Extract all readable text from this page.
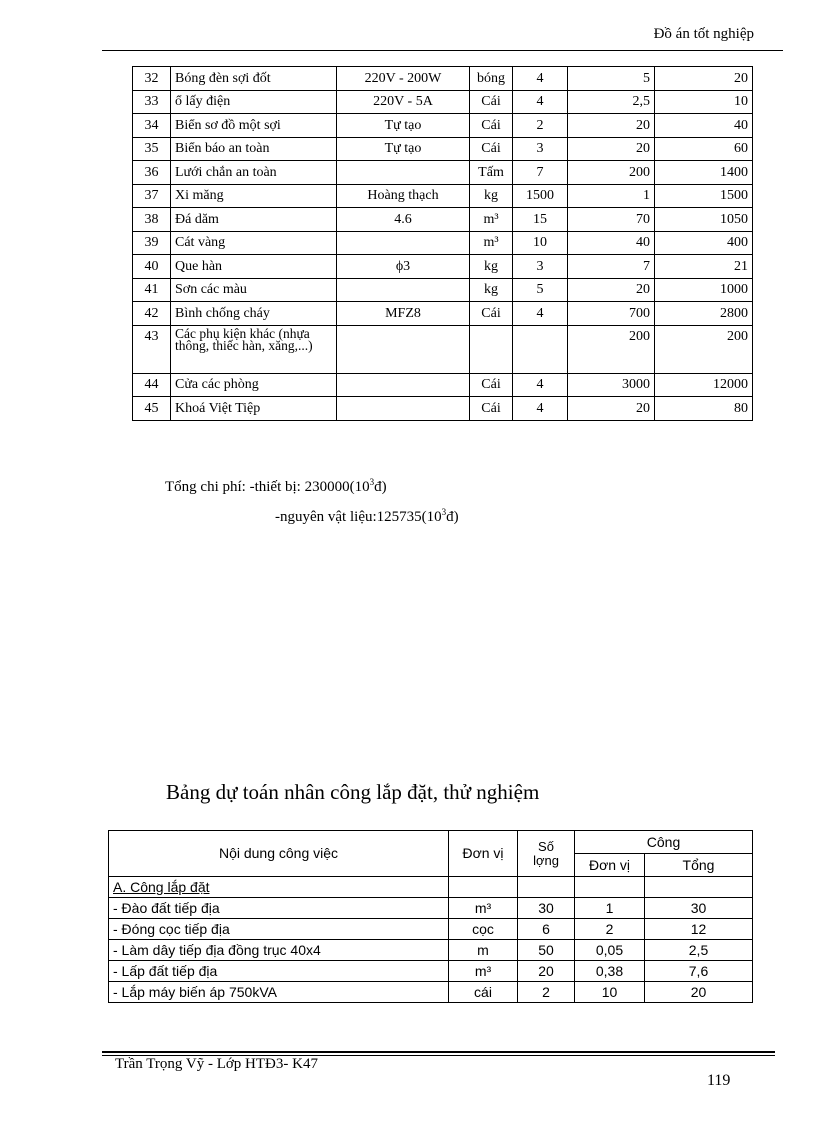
Đồ án tốt nghiệp
32	Bóng đèn sợi đốt	220V - 200W	bóng	4	5	20
33	ổ lấy điện	220V - 5A	Cái	4	2,5	10
34	Biển sơ đồ một sợi	Tự tạo	Cái	2	20	40
35	Biển báo an toàn	Tự tạo	Cái	3	20	60
36	Lưới chắn an toàn		Tấm	7	200	1400
37	Xi măng	Hoàng thạch	kg	1500	1	1500
38	Đá dăm	4.6	m³	15	70	1050
39	Cát vàng		m³	10	40	400
40	Que hàn	ϕ3	kg	3	7	21
41	Sơn các màu		kg	5	20	1000
42	Bình chống cháy	MFZ8	Cái	4	700	2800
43	Các phụ kiện khác (nhựa thông, thiếc hàn, xăng,...)				200	200
44	Cửa các phòng		Cái	4	3000	12000
45	Khoá Việt Tiệp		Cái	4	20	80
Tổng chi phí: -thiết bị: $230000(10^3đ)$
-nguyên vật $liệu:125735(10^3đ)$
Bảng dự toán nhân công lắp đặt, thử nghiệm
Nội dung công việc	Đơn vị	Số lợng	Công	
			Đơn vị	Tổng
A. Công lắp đặt				
- Đào đất tiếp địa	m³	30	1	30
- Đóng cọc tiếp địa	cọc	6	2	12
- Làm dây tiếp địa đồng trục 40x4	m	50	0,05	2,5
- Lấp đất tiếp địa	m³	20	0,38	7,6
- Lắp máy biến áp 750kVA	cái	2	10	20
Trần Trọng Vỹ - Lớp HTĐ3- K47
119
